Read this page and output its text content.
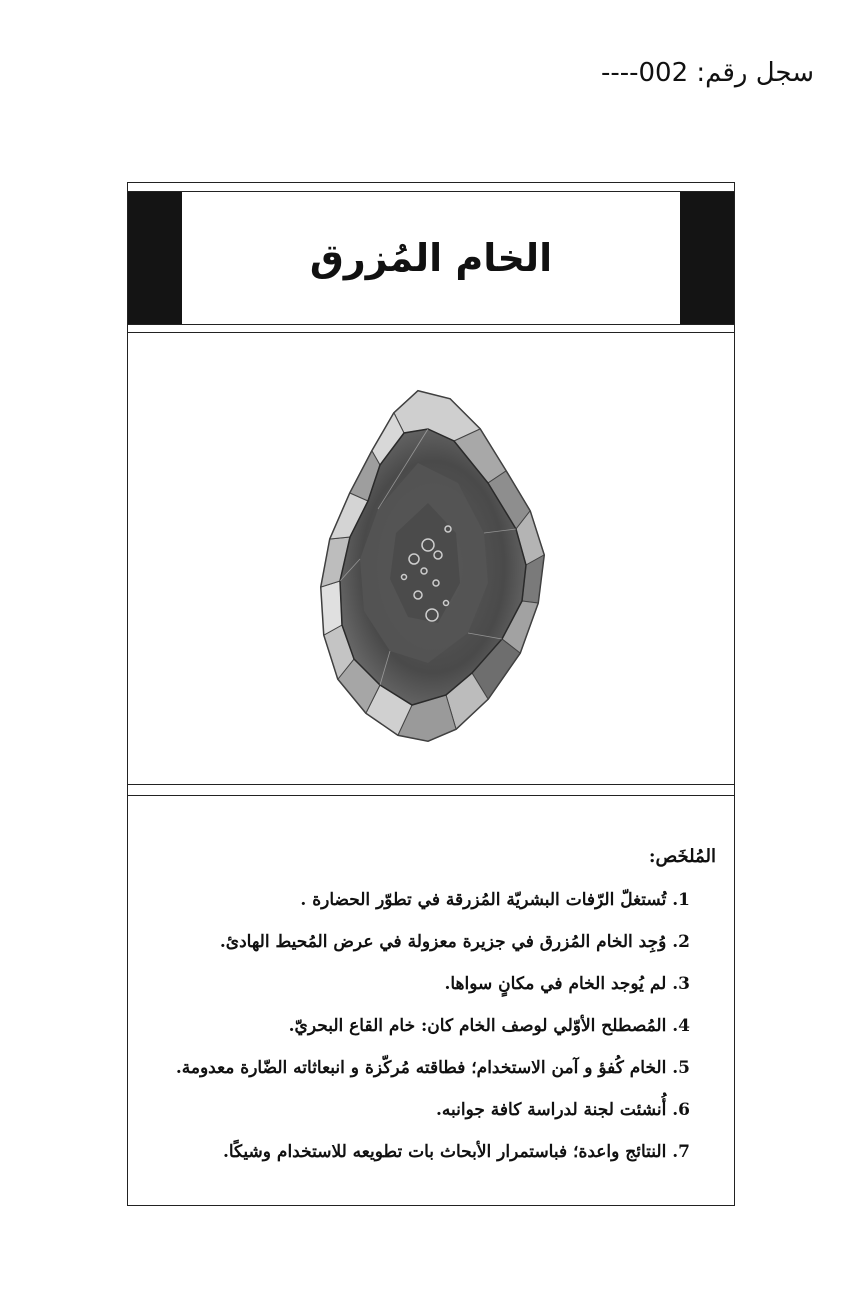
سجل رقم: 002----
الخام المُزرق
المُلخَص:
1. تُستغلّ الرّفات البشريّة المُزرقة في تطوّر الحضارة .
2. وُجِد الخام المُزرق في جزيرة معزولة في عرض المُحيط الهادئ.
3. لم يُوجد الخام في مكانٍ سواها.
4. المُصطلح الأوّلي لوصف الخام كان: خام القاع البحريّ.
5. الخام كُفؤ و آمن الاستخدام؛ فطاقته مُركّزة و انبعاثاته الضّارة معدومة.
6. أُنشئت لجنة لدراسة كافة جوانبه.
7. النتائج واعدة؛ فباستمرار الأبحاث بات تطويعه للاستخدام وشيكًا.
